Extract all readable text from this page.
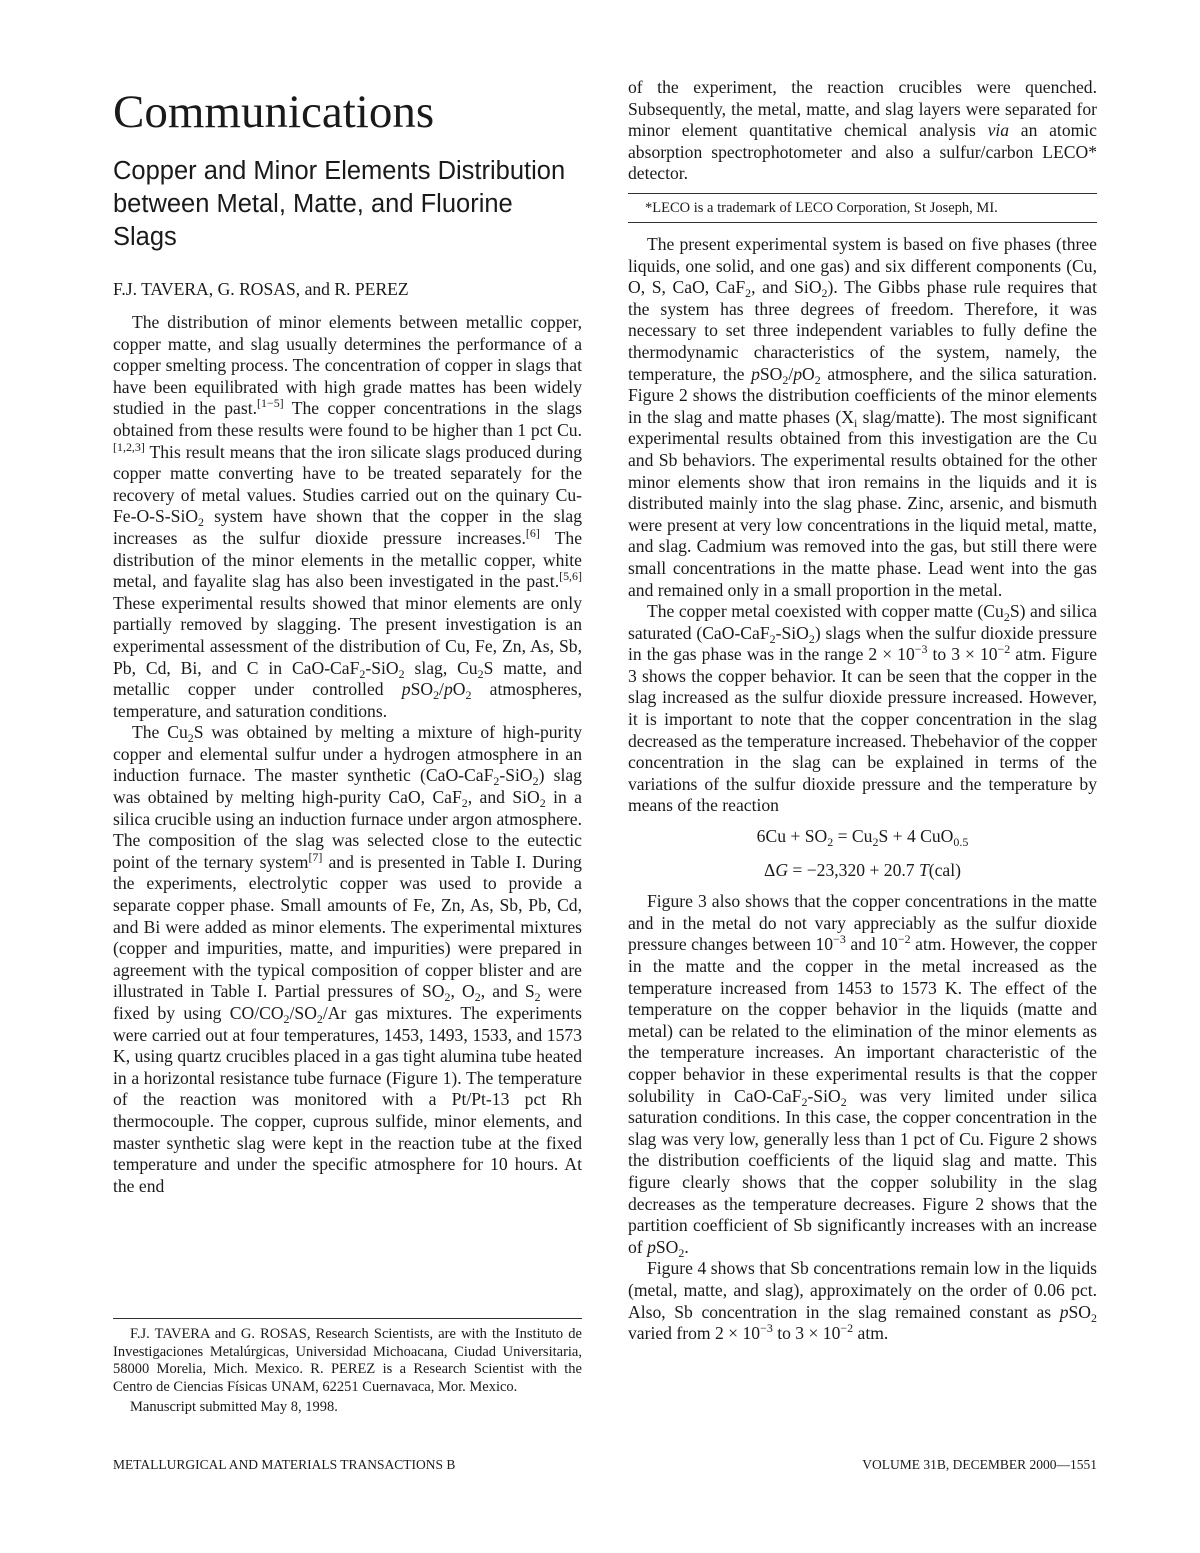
Communications
Copper and Minor Elements Distribution between Metal, Matte, and Fluorine Slags

F.J. TAVERA, G. ROSAS, and R. PEREZ

The distribution of minor elements between metallic copper, copper matte, and slag usually determines the performance of a copper smelting process. The concentration of copper in slags that have been equilibrated with high grade mattes has been widely studied in the past.[1−5] The copper concentrations in the slags obtained from these results were found to be higher than 1 pct Cu.[1,2,3] This result means that the iron silicate slags produced during copper matte converting have to be treated separately for the recovery of metal values. Studies carried out on the quinary Cu-Fe-O-S-SiO$_2$ system have shown that the copper in the slag increases as the sulfur dioxide pressure increases.[6] The distribution of the minor elements in the metallic copper, white metal, and fayalite slag has also been investigated in the past.[5,6] These experimental results showed that minor elements are only partially removed by slagging. The present investigation is an experimental assessment of the distribution of Cu, Fe, Zn, As, Sb, Pb, Cd, Bi, and C in CaO-CaF$_2$-SiO$_2$ slag, $Cu_2S$ matte, and metallic copper under controlled $pSO_2/pO_2$ atmospheres, temperature, and saturation conditions.

The $Cu_2S$ was obtained by melting a mixture of high-purity copper and elemental sulfur under a hydrogen atmosphere in an induction furnace. The master synthetic (CaO-CaF$_2$-SiO$_2$) slag was obtained by melting high-purity CaO, CaF$_2$, and SiO$_2$ in a silica crucible using an induction furnace under argon atmosphere. The composition of the slag was selected close to the eutectic point of the ternary system[7] and is presented in Table I. During the experiments, electrolytic copper was used to provide a separate copper phase. Small amounts of Fe, Zn, As, Sb, Pb, Cd, and Bi were added as minor elements. The experimental mixtures (copper and impurities, matte, and impurities) were prepared in agreement with the typical composition of copper blister and are illustrated in Table I. Partial pressures of $SO_2$, $O_2$, and $S_2$ were fixed by using $CO/CO_2/SO_2/Ar$ gas mixtures. The experiments were carried out at four temperatures, 1453, 1493, 1533, and 1573 K, using quartz crucibles placed in a gas tight alumina tube heated in a horizontal resistance tube furnace (Figure 1). The temperature of the reaction was monitored with a Pt/Pt-13 pct Rh thermocouple. The copper, cuprous sulfide, minor elements, and master synthetic slag were kept in the reaction tube at the fixed temperature and under the specific atmosphere for 10 hours. At the end

F.J. TAVERA and G. ROSAS, Research Scientists, are with the Instituto de Investigaciones Metalúrgicas, Universidad Michoacana, Ciudad Universitaria, 58000 Morelia, Mich. Mexico. R. PEREZ is a Research Scientist with the Centro de Ciencias Físicas UNAM, 62251 Cuernavaca, Mor. Mexico.

Manuscript submitted May 8, 1998.

of the experiment, the reaction crucibles were quenched. Subsequently, the metal, matte, and slag layers were separated for minor element quantitative chemical analysis via an atomic absorption spectrophotometer and also a sulfur/carbon LECO* detector.

The present experimental system is based on five phases (three liquids, one solid, and one gas) and six different components (Cu, O, S, CaO, CaF$_2$, and SiO$_2$). The Gibbs phase rule requires that the system has three degrees of freedom. Therefore, it was necessary to set three independent variables to fully define the thermodynamic characteristics of the system, namely, the temperature, the $pSO_2/pO_2$ atmosphere, and the silica saturation. Figure 2 shows the distribution coefficients of the minor elements in the slag and matte phases ($X_i$ slag/matte). The most significant experimental results obtained from this investigation are the Cu and Sb behaviors. The experimental results obtained for the other minor elements show that iron remains in the liquids and it is distributed mainly into the slag phase. Zinc, arsenic, and bismuth were present at very low concentrations in the liquid metal, matte, and slag. Cadmium was removed into the gas, but still there were small concentrations in the matte phase. Lead went into the gas and remained only in a small proportion in the metal.

The copper metal coexisted with copper matte $(Cu_2S)$ and silica saturated (CaO-CaF$_2$-SiO$_2$) slags when the sulfur dioxide pressure in the gas phase was in the range $2 \times 10^{-3}$ to $3 \times 10^{-2}$ atm. Figure 3 shows the copper behavior. It can be seen that the copper in the slag increased as the sulfur dioxide pressure increased. However, it is important to note that the copper concentration in the slag decreased as the temperature increased. Thebehavior of the copper concentration in the slag can be explained in terms of the variations of the sulfur dioxide pressure and the temperature by means of the reaction

$6Cu + SO_2 = Cu_2S + 4$ CuO$_{0.5}$

ΔG = −23,320 + 20.7 T(cal)

Figure 3 also shows that the copper concentrations in the matte and in the metal do not vary appreciably as the sulfur dioxide pressure changes between $10^{-3}$ and $10^{-2}$ atm. However, the copper in the matte and the copper in the metal increased as the temperature increased from 1453 to 1573 K. The effect of the temperature on the copper behavior in the liquids (matte and metal) can be related to the elimination of the minor elements as the temperature increases. An important characteristic of the copper behavior in these experimental results is that the copper solubility in CaO-CaF$_2$-SiO$_2$ was very limited under silica saturation conditions. In this case, the copper concentration in the slag was very low, generally less than 1 pct of Cu. Figure 2 shows the distribution coefficients of the liquid slag and matte. This figure clearly shows that the copper solubility in the slag decreases as the temperature decreases. Figure 2 shows that the partition coefficient of Sb significantly increases with an increase of pSO$_2$.

Figure 4 shows that Sb concentrations remain low in the liquids (metal, matte, and slag), approximately on the order of 0.06 pct. Also, Sb concentration in the slag remained constant as pSO$_2$ varied from $2 \times 10^{-3}$ to $3 \times 10^{-2}$ atm.

*LECO is a trademark of LECO Corporation, St Joseph, MI.

METALLURGICAL AND MATERIALS TRANSACTIONS B	VOLUME 31B, DECEMBER 2000—1551
